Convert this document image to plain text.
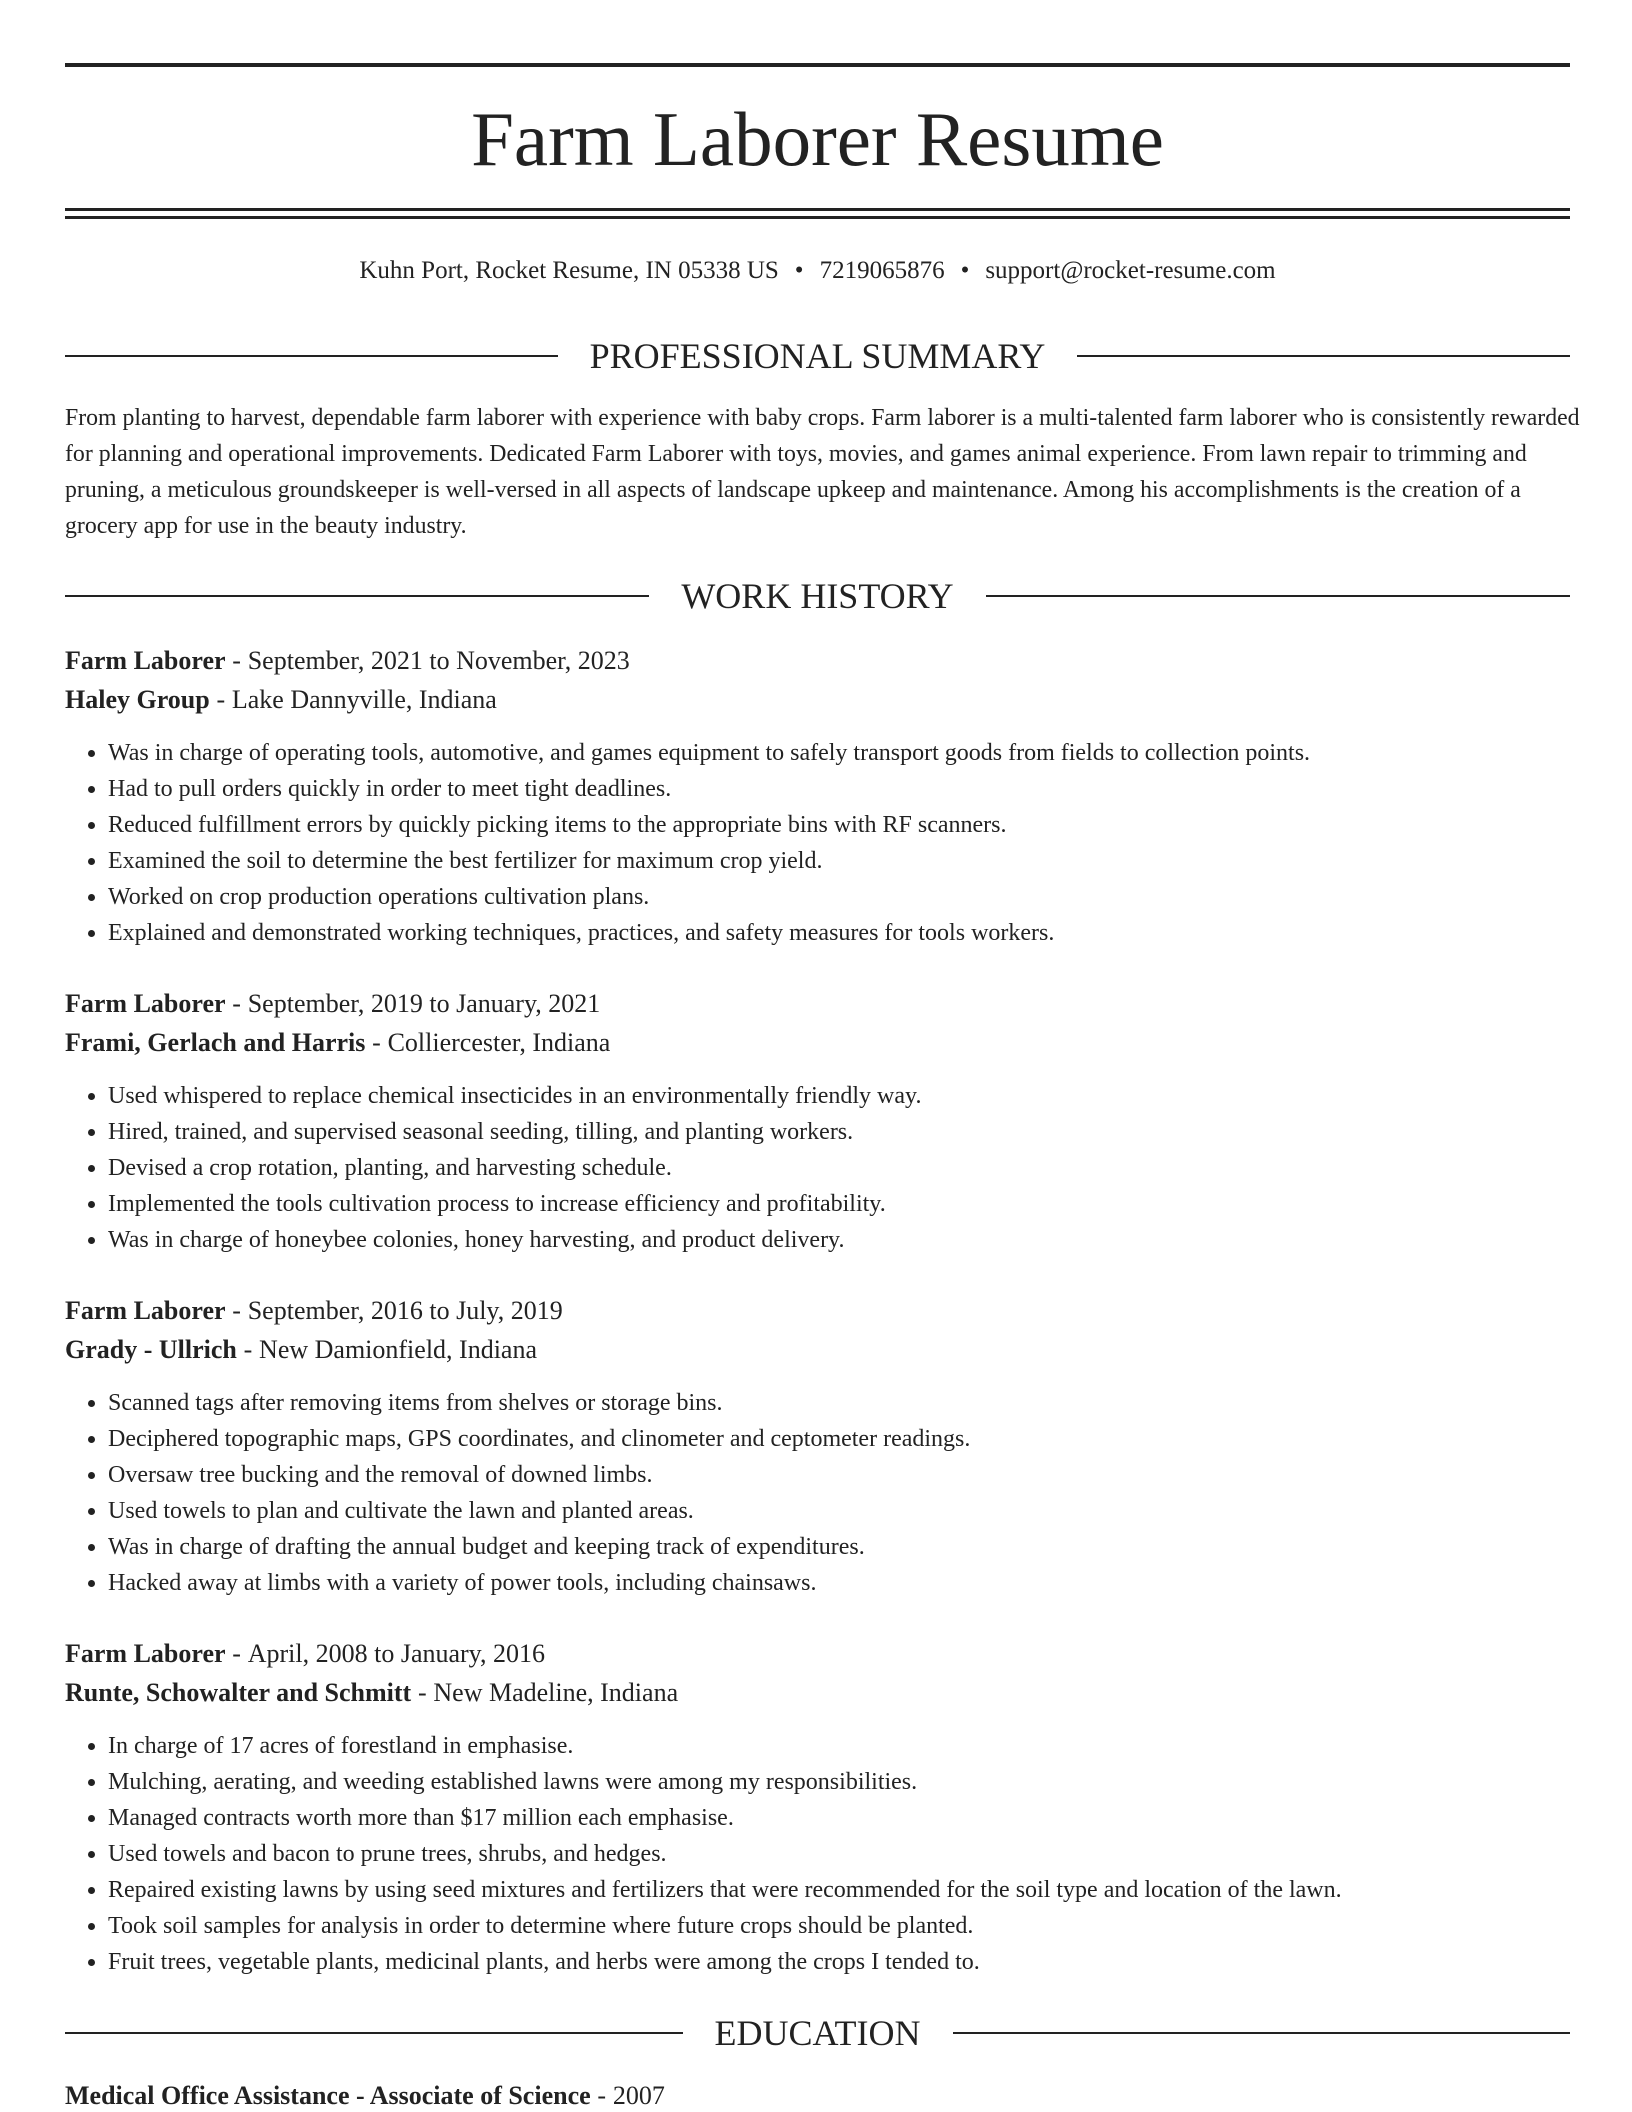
Farm Laborer Resume
Kuhn Port, Rocket Resume, IN 05338 US • 7219065876 • support@rocket-resume.com
PROFESSIONAL SUMMARY

From planting to harvest, dependable farm laborer with experience with baby crops. Farm laborer is a multi-talented farm laborer who is consistently rewarded for planning and operational improvements. Dedicated Farm Laborer with toys, movies, and games animal experience. From lawn repair to trimming and pruning, a meticulous groundskeeper is well-versed in all aspects of landscape upkeep and maintenance. Among his accomplishments is the creation of a grocery app for use in the beauty industry.

WORK HISTORY
Farm Laborer - September, 2021 to November, 2023
Haley Group - Lake Dannyville, Indiana
• Was in charge of operating tools, automotive, and games equipment to safely transport goods from fields to collection points.
• Had to pull orders quickly in order to meet tight deadlines.
• Reduced fulfillment errors by quickly picking items to the appropriate bins with RF scanners.
• Examined the soil to determine the best fertilizer for maximum crop yield.
• Worked on crop production operations cultivation plans.
• Explained and demonstrated working techniques, practices, and safety measures for tools workers.
Farm Laborer - September, 2019 to January, 2021
Frami, Gerlach and Harris - Colliercester, Indiana
• Used whispered to replace chemical insecticides in an environmentally friendly way.
• Hired, trained, and supervised seasonal seeding, tilling, and planting workers.
• Devised a crop rotation, planting, and harvesting schedule.
• Implemented the tools cultivation process to increase efficiency and profitability.
• Was in charge of honeybee colonies, honey harvesting, and product delivery.
Farm Laborer - September, 2016 to July, 2019
Grady - Ullrich - New Damionfield, Indiana
• Scanned tags after removing items from shelves or storage bins.
• Deciphered topographic maps, GPS coordinates, and clinometer and ceptometer readings.
• Oversaw tree bucking and the removal of downed limbs.
• Used towels to plan and cultivate the lawn and planted areas.
• Was in charge of drafting the annual budget and keeping track of expenditures.
• Hacked away at limbs with a variety of power tools, including chainsaws.
Farm Laborer - April, 2008 to January, 2016
Runte, Schowalter and Schmitt - New Madeline, Indiana
• In charge of 17 acres of forestland in emphasise.
• Mulching, aerating, and weeding established lawns were among my responsibilities.
• Managed contracts worth more than $17 million each emphasise.
• Used towels and bacon to prune trees, shrubs, and hedges.
• Repaired existing lawns by using seed mixtures and fertilizers that were recommended for the soil type and location of the lawn.
• Took soil samples for analysis in order to determine where future crops should be planted.
• Fruit trees, vegetable plants, medicinal plants, and herbs were among the crops I tended to.
EDUCATION
Medical Office Assistance - Associate of Science - 2007
